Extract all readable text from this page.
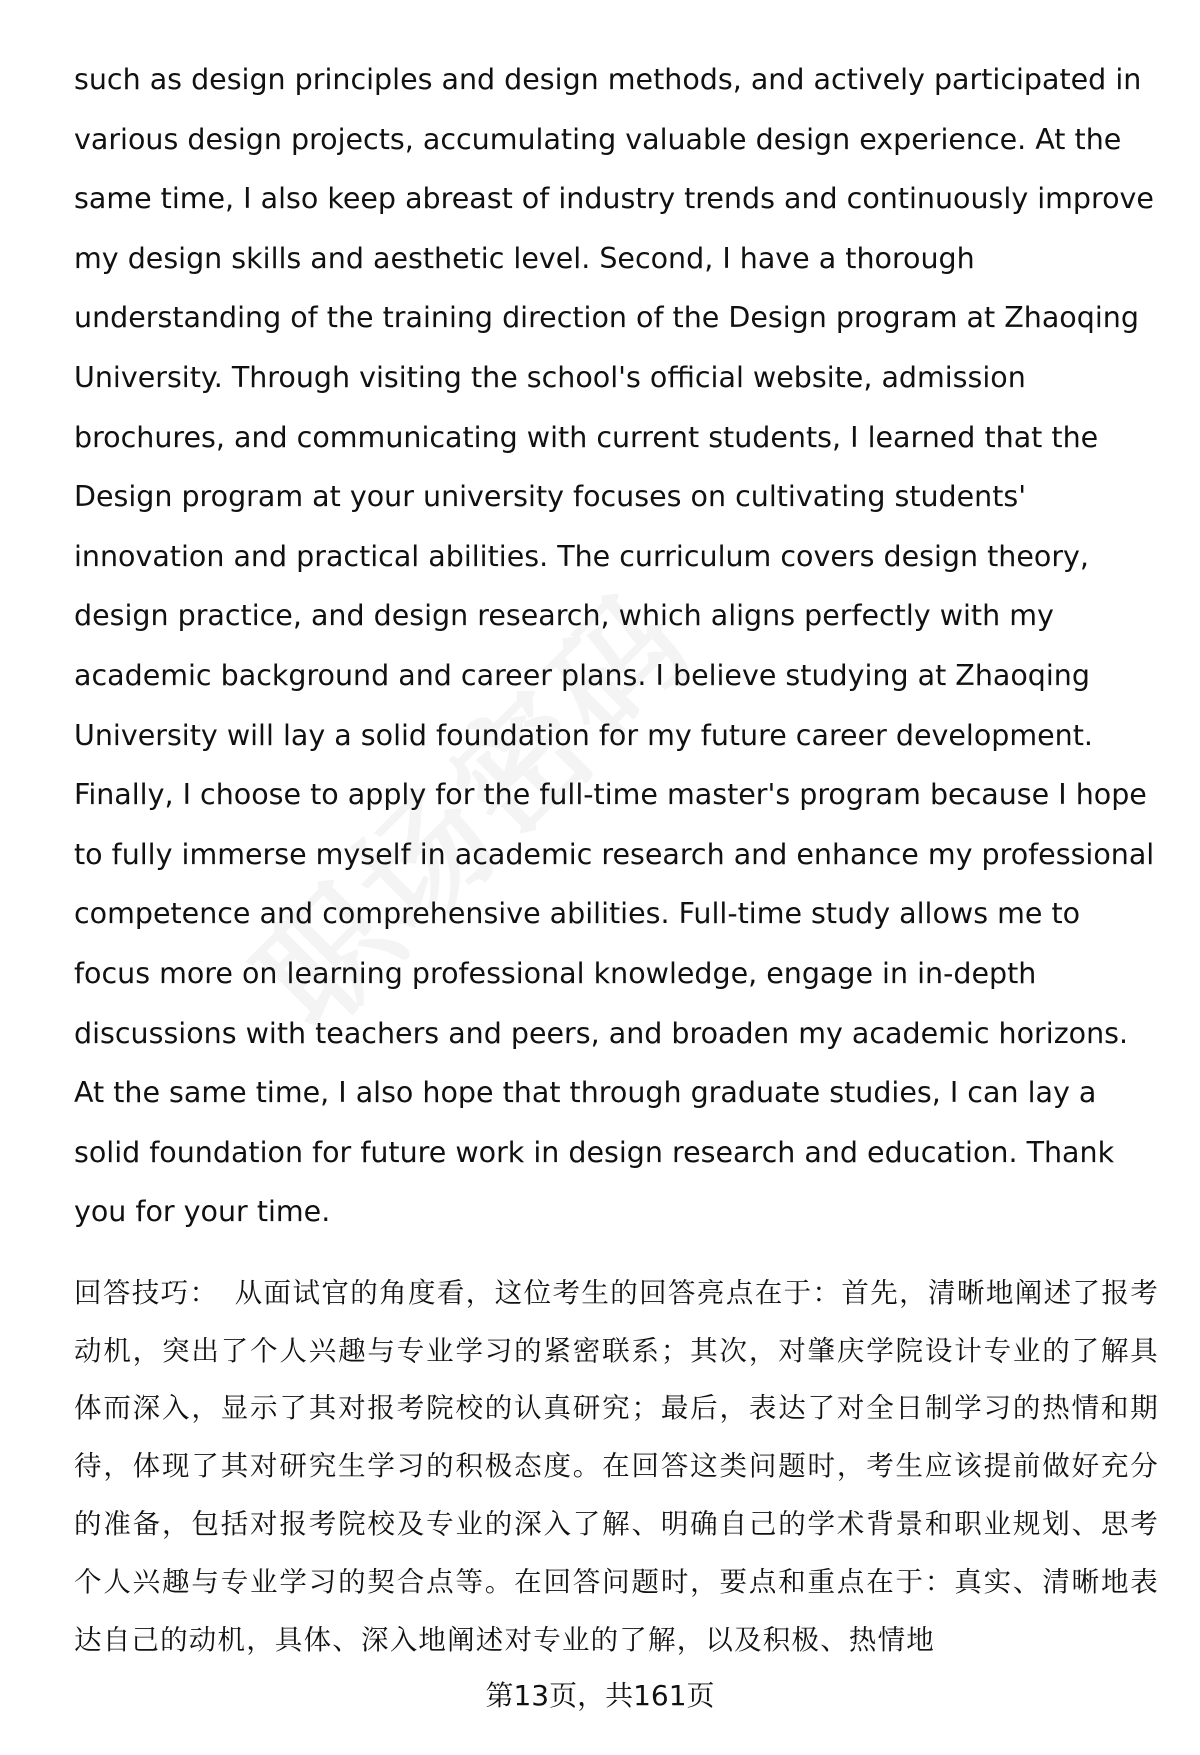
such as design principles and design methods, and actively participated in various design projects, accumulating valuable design experience. At the same time, I also keep abreast of industry trends and continuously improve my design skills and aesthetic level. Second, I have a thorough understanding of the training direction of the Design program at Zhaoqing University. Through visiting the school's official website, admission brochures, and communicating with current students, I learned that the Design program at your university focuses on cultivating students' innovation and practical abilities. The curriculum covers design theory, design practice, and design research, which aligns perfectly with my academic background and career plans. I believe studying at Zhaoqing University will lay a solid foundation for my future career development. Finally, I choose to apply for the full-time master's program because I hope to fully immerse myself in academic research and enhance my professional competence and comprehensive abilities. Full-time study allows me to focus more on learning professional knowledge, engage in in-depth discussions with teachers and peers, and broaden my academic horizons. At the same time, I also hope that through graduate studies, I can lay a solid foundation for future work in design research and education. Thank you for your time.

回答技巧： 从面试官的角度看，这位考生的回答亮点在于：首先，清晰地阐述了报考动机，突出了个人兴趣与专业学习的紧密联系；其次，对肇庆学院设计专业的了解具体而深入，显示了其对报考院校的认真研究；最后，表达了对全日制学习的热情和期待，体现了其对研究生学习的积极态度。在回答这类问题时，考生应该提前做好充分的准备，包括对报考院校及专业的深入了解、明确自己的学术背景和职业规划、思考个人兴趣与专业学习的契合点等。在回答问题时，要点和重点在于：真实、清晰地表达自己的动机，具体、深入地阐述对专业的了解，以及积极、热情地

第13页，共161页
